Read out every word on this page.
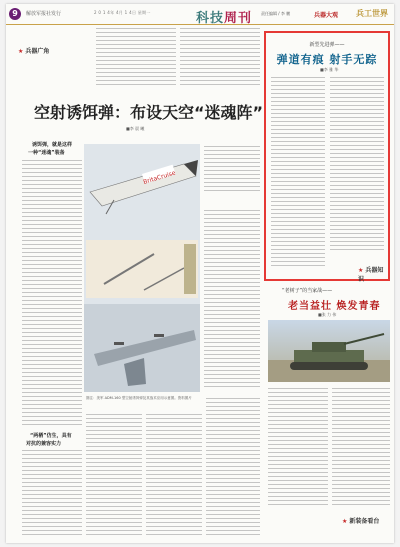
9	解放军报社发行	2 0 1 4年 4月 1 4日 星期一	科技周刊 责任编辑 / 李 鹏	兵器大观 兵工世界
★ 兵器广角
空射诱饵弹：布设天空“迷魂阵”
■李 晨 曦
诱饵弹，就是这样
一种“迷魂”装备
“两栖”仿生，具有
对抗的兼容实力
BritaCruise
图注：美军 ADM-160 型空射诱饵弹及其战术应用示意图。资料图片
新型先进弹——
弹道有痕 射手无踪
■李 雅 华
★ 兵器知识
“老树子”的当家战——
老当益壮 焕发青春
■张 力 伟
★ 新装备看台
